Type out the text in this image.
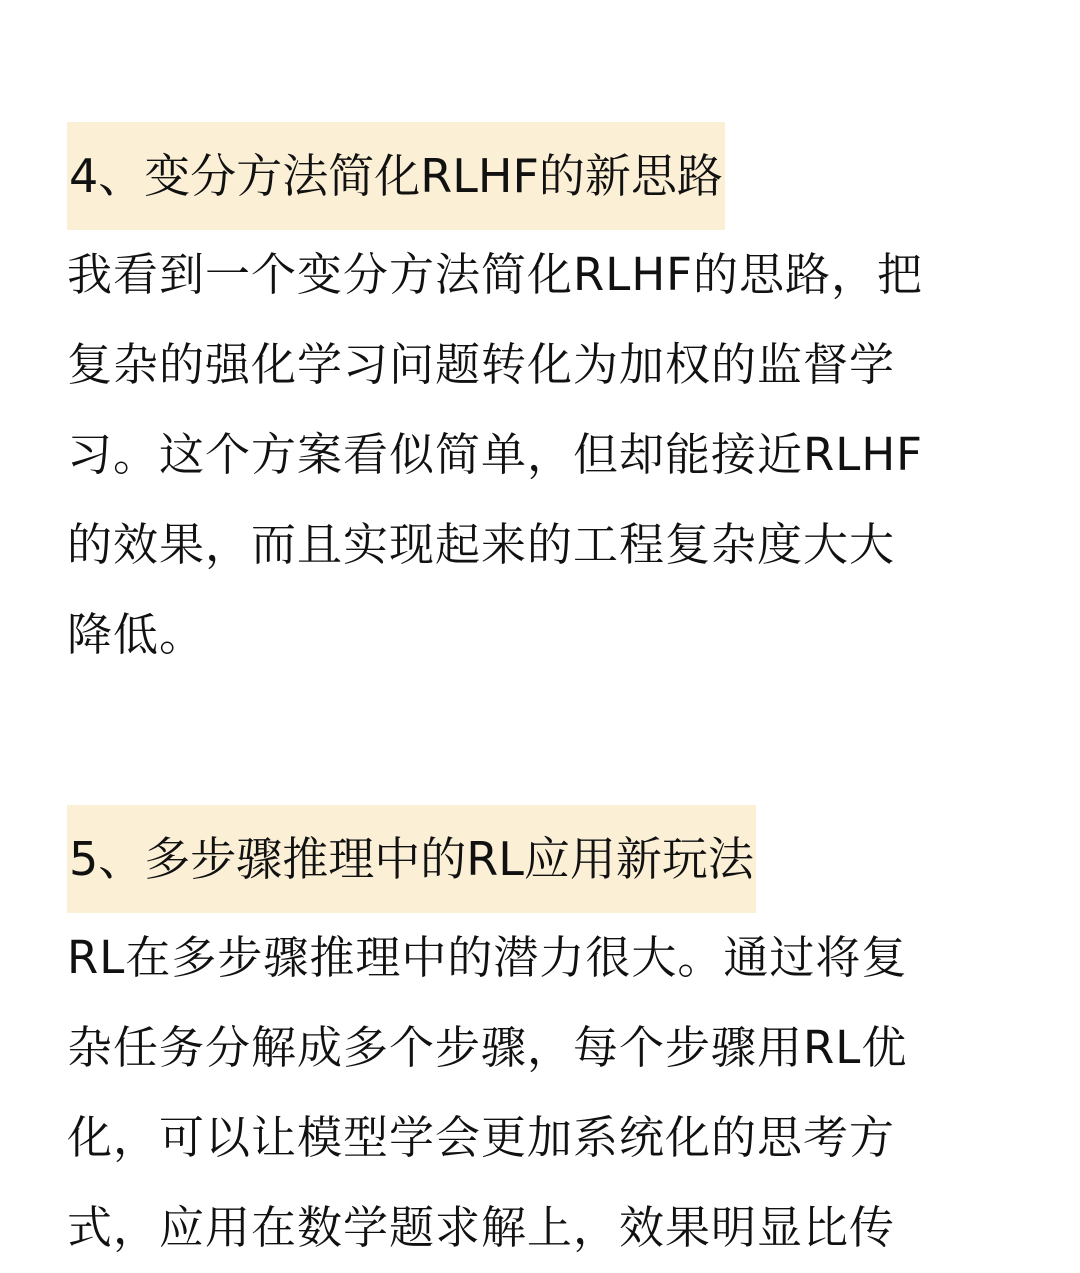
4、变分方法简化RLHF的新思路

我看到一个变分方法简化RLHF的思路，把
复杂的强化学习问题转化为加权的监督学
习。这个方案看似简单，但却能接近RLHF
的效果，而且实现起来的工程复杂度大大
降低。

5、多步骤推理中的RL应用新玩法

RL在多步骤推理中的潜力很大。通过将复
杂任务分解成多个步骤，每个步骤用RL优
化，可以让模型学会更加系统化的思考方
式，应用在数学题求解上，效果明显比传
